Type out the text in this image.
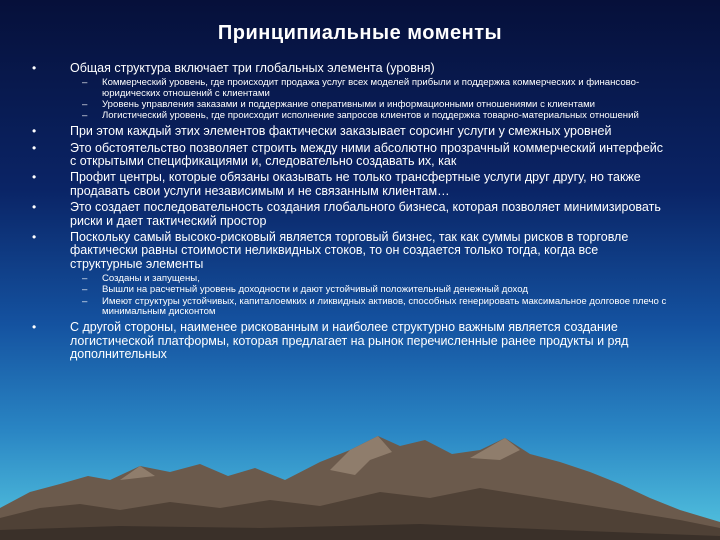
Принципиальные моменты
•	Общая структура включает три глобальных элемента (уровня)
– Коммерческий уровень, где происходит продажа услуг всех моделей прибыли и поддержка коммерческих и финансово-юридических отношений с клиентами
– Уровень управления заказами и поддержание оперативными и информационными отношениями с клиентами
– Логистический уровень, где происходит исполнение запросов клиентов и поддержка товарно-материальных отношений
•	При этом каждый этих элементов фактически заказывает сорсинг услуги у смежных уровней
•	Это обстоятельство позволяет строить между ними абсолютно прозрачный коммерческий интерфейс с открытыми спецификациями и, следовательно создавать их, как
•	Профит центры, которые обязаны оказывать не только трансфертные услуги друг другу, но также продавать свои услуги независимым и не связанным клиентам…
•	Это создает последовательность создания глобального бизнеса, которая позволяет минимизировать риски и дает тактический простор
•	Поскольку самый высоко-рисковый является торговый бизнес, так как суммы рисков в торговле фактически равны стоимости неликвидных стоков, то он создается только тогда, когда все структурные элементы
– Созданы и запущены,
– Вышли на расчетный уровень доходности и дают устойчивый положительный денежный доход
– Имеют структуры устойчивых, капиталоемких и ликвидных активов, способных генерировать максимальное долговое плечо с минимальным дисконтом
•	С другой стороны, наименее рискованным и наиболее структурно важным является создание логистической платформы, которая предлагает на рынок перечисленные ранее продукты и ряд дополнительных
